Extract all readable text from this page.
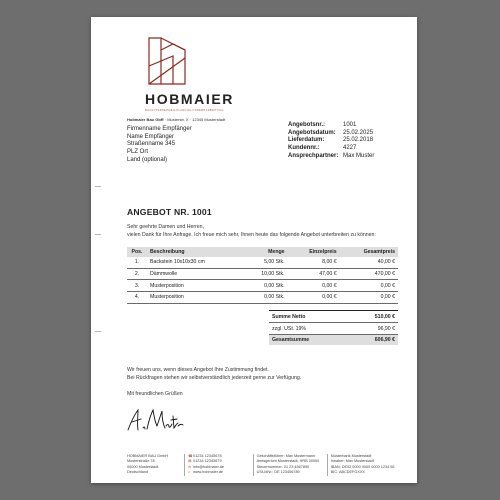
HOBMAIER
BAUUNTERNEHMEN-PLANUNG-UNDERHARBEITUNG
Hobmaier Bau GbR · Musterstr. X · 12345 Musterstadt
Firmenname Empfänger
Name Empfänger
Straßenname 345
PLZ Ort
Land (optional)
Angebotsnr.:	1001
Angebotsdatum:	25.02.2025
Lieferdatum:	25.02.2018
Kundennr.:	4227
Ansprechpartner: Max Muster
ANGEBOT NR. 1001
Sehr geehrte Damen und Herren,
vielen Dank für Ihre Anfrage. Ich freue mich sehr, Ihnen heute das folgende Angebot unterbreiten zu können:
Pos.	Beschreibung	Menge	Einzelpreis	Gesamtpreis
1.	Backstein 10x10x30 cm	5,00 Stk.	8,00 €	40,00 €
2.	Dämmwolle	10,00 Stk.	47,00 €	470,00 €
3.	Musterposition	0,00 Stk.	0,00 €	0,00 €
4.	Musterposition	0,00 Stk.	0,00 €	0,00 €
Summe Netto	510,00 €
zzgl. USt. 19%	96,90 €
Gesamtsumme	606,90 €
Wir freuen uns, wenn dieses Angebot Ihre Zustimmung findet.
Bei Rückfragen stehen wir selbstverständlich jederzeit gerne zur Verfügung.
Mit freundlichen Grüßen
HOBMAIER BAU GmbH
Musterstraße 78
00000 Musterstadt
Deutschland
☎01234 12345678
▤ 01234 12345679
✉ info@hobmaier.de
⌂ www.hobmaier.de
Geschäftsführer: Max Mustermann
Amtsgericht Musterstadt, HRB 00000
Steuernummer: 01 23 4567890
USt-IdNr.: DE 123456789
Musterbank Musterstadt
Inhaber: Max Musterstadt
IBAN: DE02 0000 0000 0000 1234 56
BIC: ABCDEFGXXX
